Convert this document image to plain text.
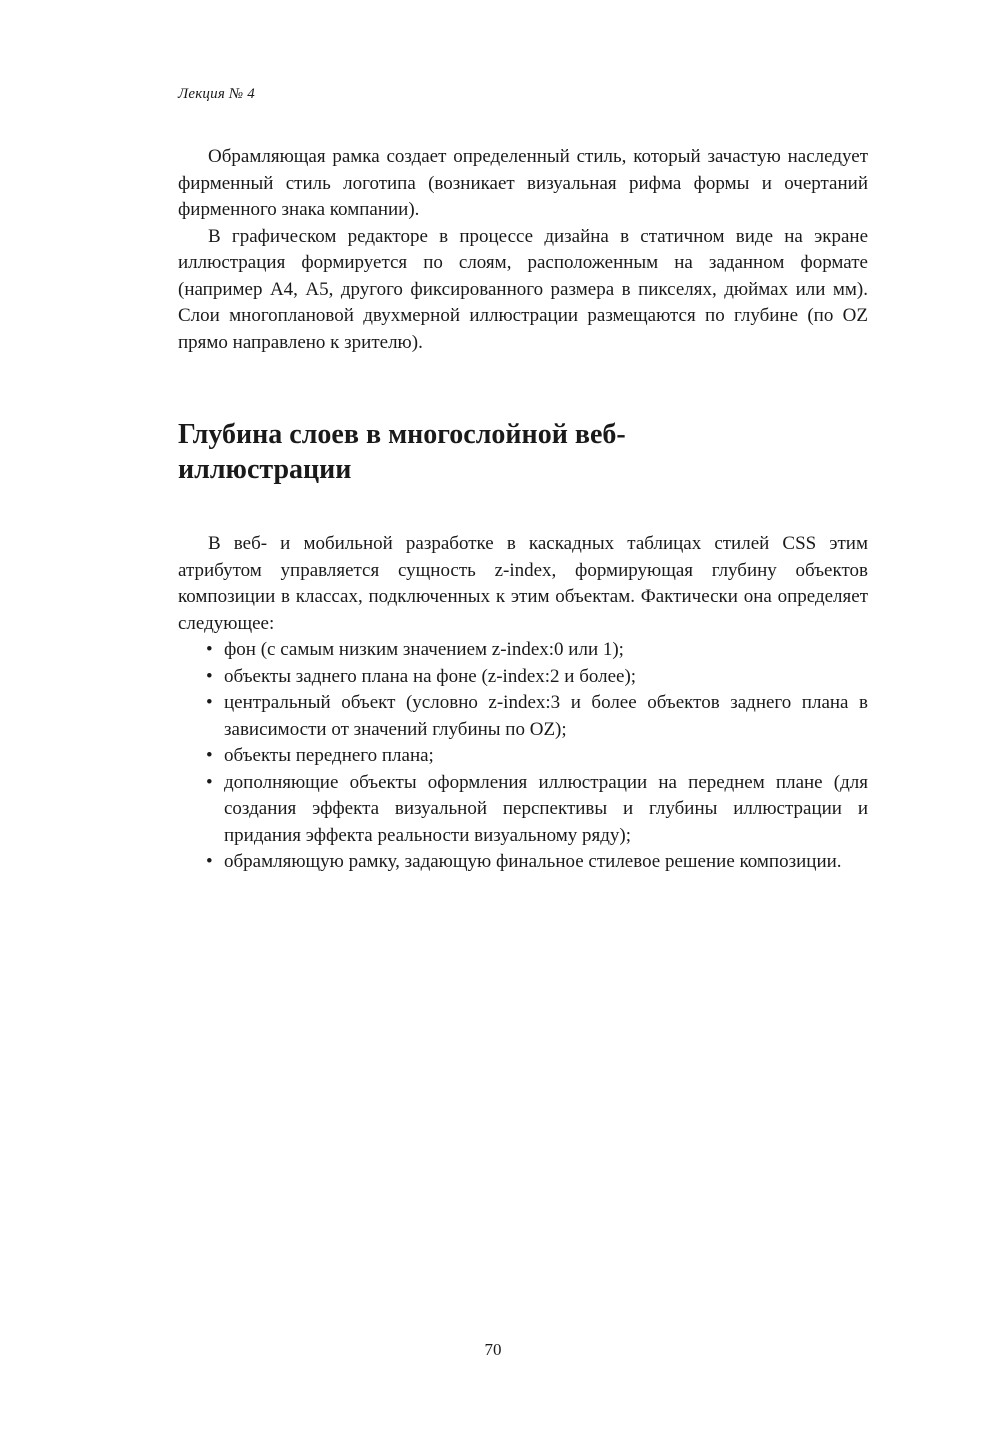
Лекция № 4

Обрамляющая рамка создает определенный стиль, который зачастую наследует фирменный стиль логотипа (возникает визуальная рифма формы и очертаний фирменного знака компании).

В графическом редакторе в процессе дизайна в статичном виде на экране иллюстрация формируется по слоям, расположенным на заданном формате (например А4, А5, другого фиксированного размера в пикселях, дюймах или мм). Слои многоплановой двухмерной иллюстрации размещаются по глубине (по OZ прямо направлено к зрителю).

Глубина слоев в многослойной веб-иллюстрации

В веб- и мобильной разработке в каскадных таблицах стилей CSS этим атрибутом управляется сущность z-index, формирующая глубину объектов композиции в классах, подключенных к этим объектам. Фактически она определяет следующее:

• фон (с самым низким значением z-index:0 или 1);
• объекты заднего плана на фоне (z-index:2 и более);
• центральный объект (условно z-index:3 и более объектов заднего плана в зависимости от значений глубины по OZ);
• объекты переднего плана;
• дополняющие объекты оформления иллюстрации на переднем плане (для создания эффекта визуальной перспективы и глубины иллюстрации и придания эффекта реальности визуальному ряду);
• обрамляющую рамку, задающую финальное стилевое решение композиции.
70
